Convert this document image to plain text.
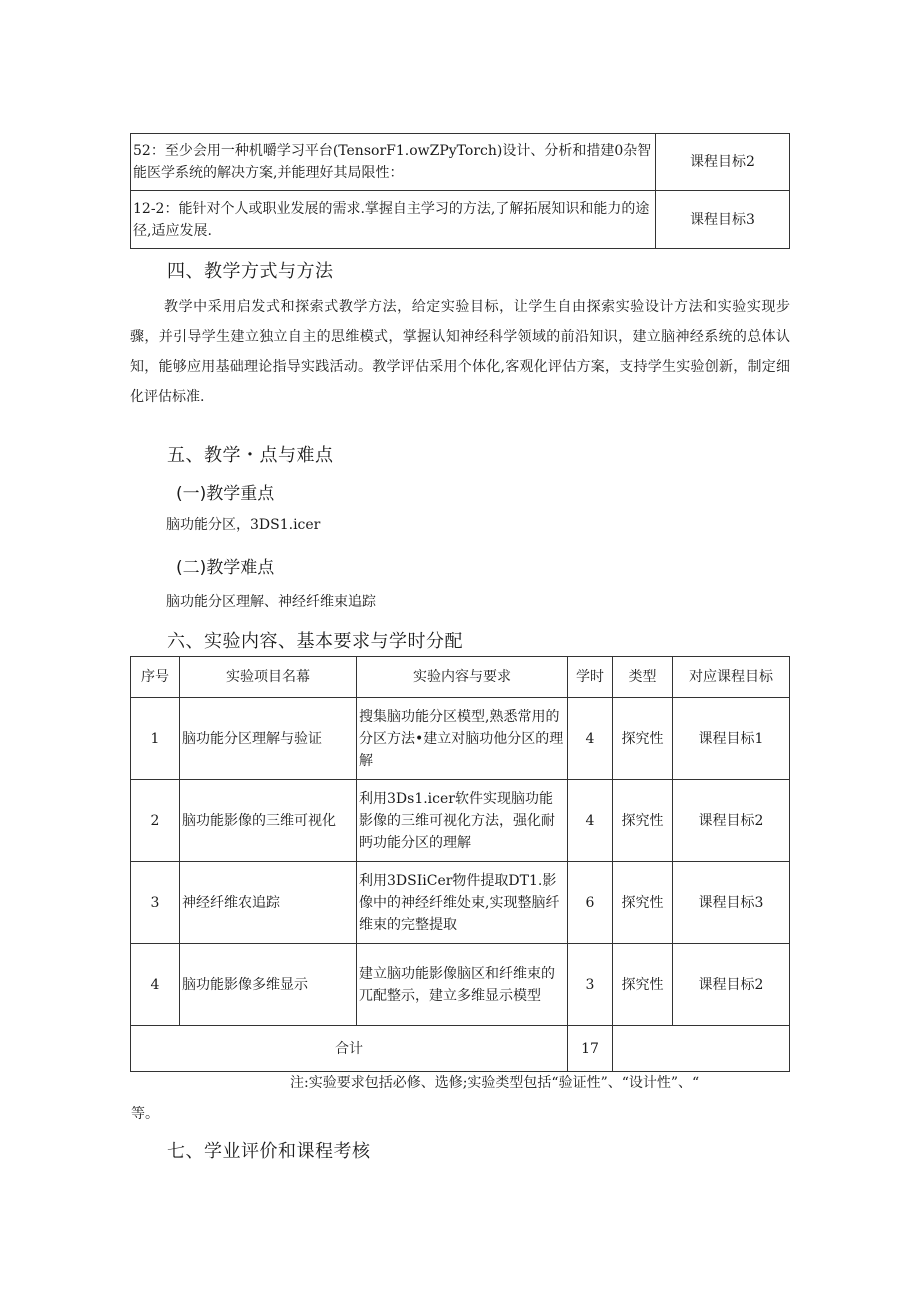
52：至少会用一种机嚼学习平台(TensorF1.owZPyTorch)设计、分析和措建0杂智能医学系统的解决方案,并能理好其局限性：	课程目标2
12-2：能针对个人或职业发展的需求.掌握自主学习的方法,了解拓展知识和能力的途径,适应发展.	课程目标3
四、教学方式与方法
教学中采用启发式和探索式教学方法，给定实验目标，让学生自由探索实验设计方法和实验实现步骤，并引导学生建立独立自主的思维模式，掌握认知神经科学领域的前沿知识，建立脑神经系统的总体认知，能够应用基础理论指导实践活动。教学评估采用个体化,客观化评估方案，支持学生实验创新，制定细化评估标准.
五、教学・点与难点
(一)教学重点
脑功能分区，3DS1.icer
(二)教学难点
脑功能分区理解、神经纤维束追踪
六、实验内容、基本要求与学时分配
序号	实验项目名幕	实验内容与要求	学时	类型	对应课程目标
1	脑功能分区理解与验证	搜集脑功能分区模型,熟悉常用的分区方法•建立对脑功他分区的理解	4	探究性	课程目标1
2	脑功能影像的三维可视化	利用3Ds1.icer软件实现脑功能影像的三维可视化方法，强化耐眄功能分区的理解	4	探究性	课程目标2
3	神经纤维农追踪	利用3DSIiCer物件提取DT1.影像中的神经纤维处束,实现整脑纤维束的完整提取	6	探究性	课程目标3
4	脑功能影像多维显示	建立脑功能影像脑区和纤维束的兀配整示，建立多维显示模型	3	探究性	课程目标2
合计			17		
注:实验要求包括必修、选修;实验类型包括“验证性”、“设计性”、“
等。
七、学业评价和课程考核
